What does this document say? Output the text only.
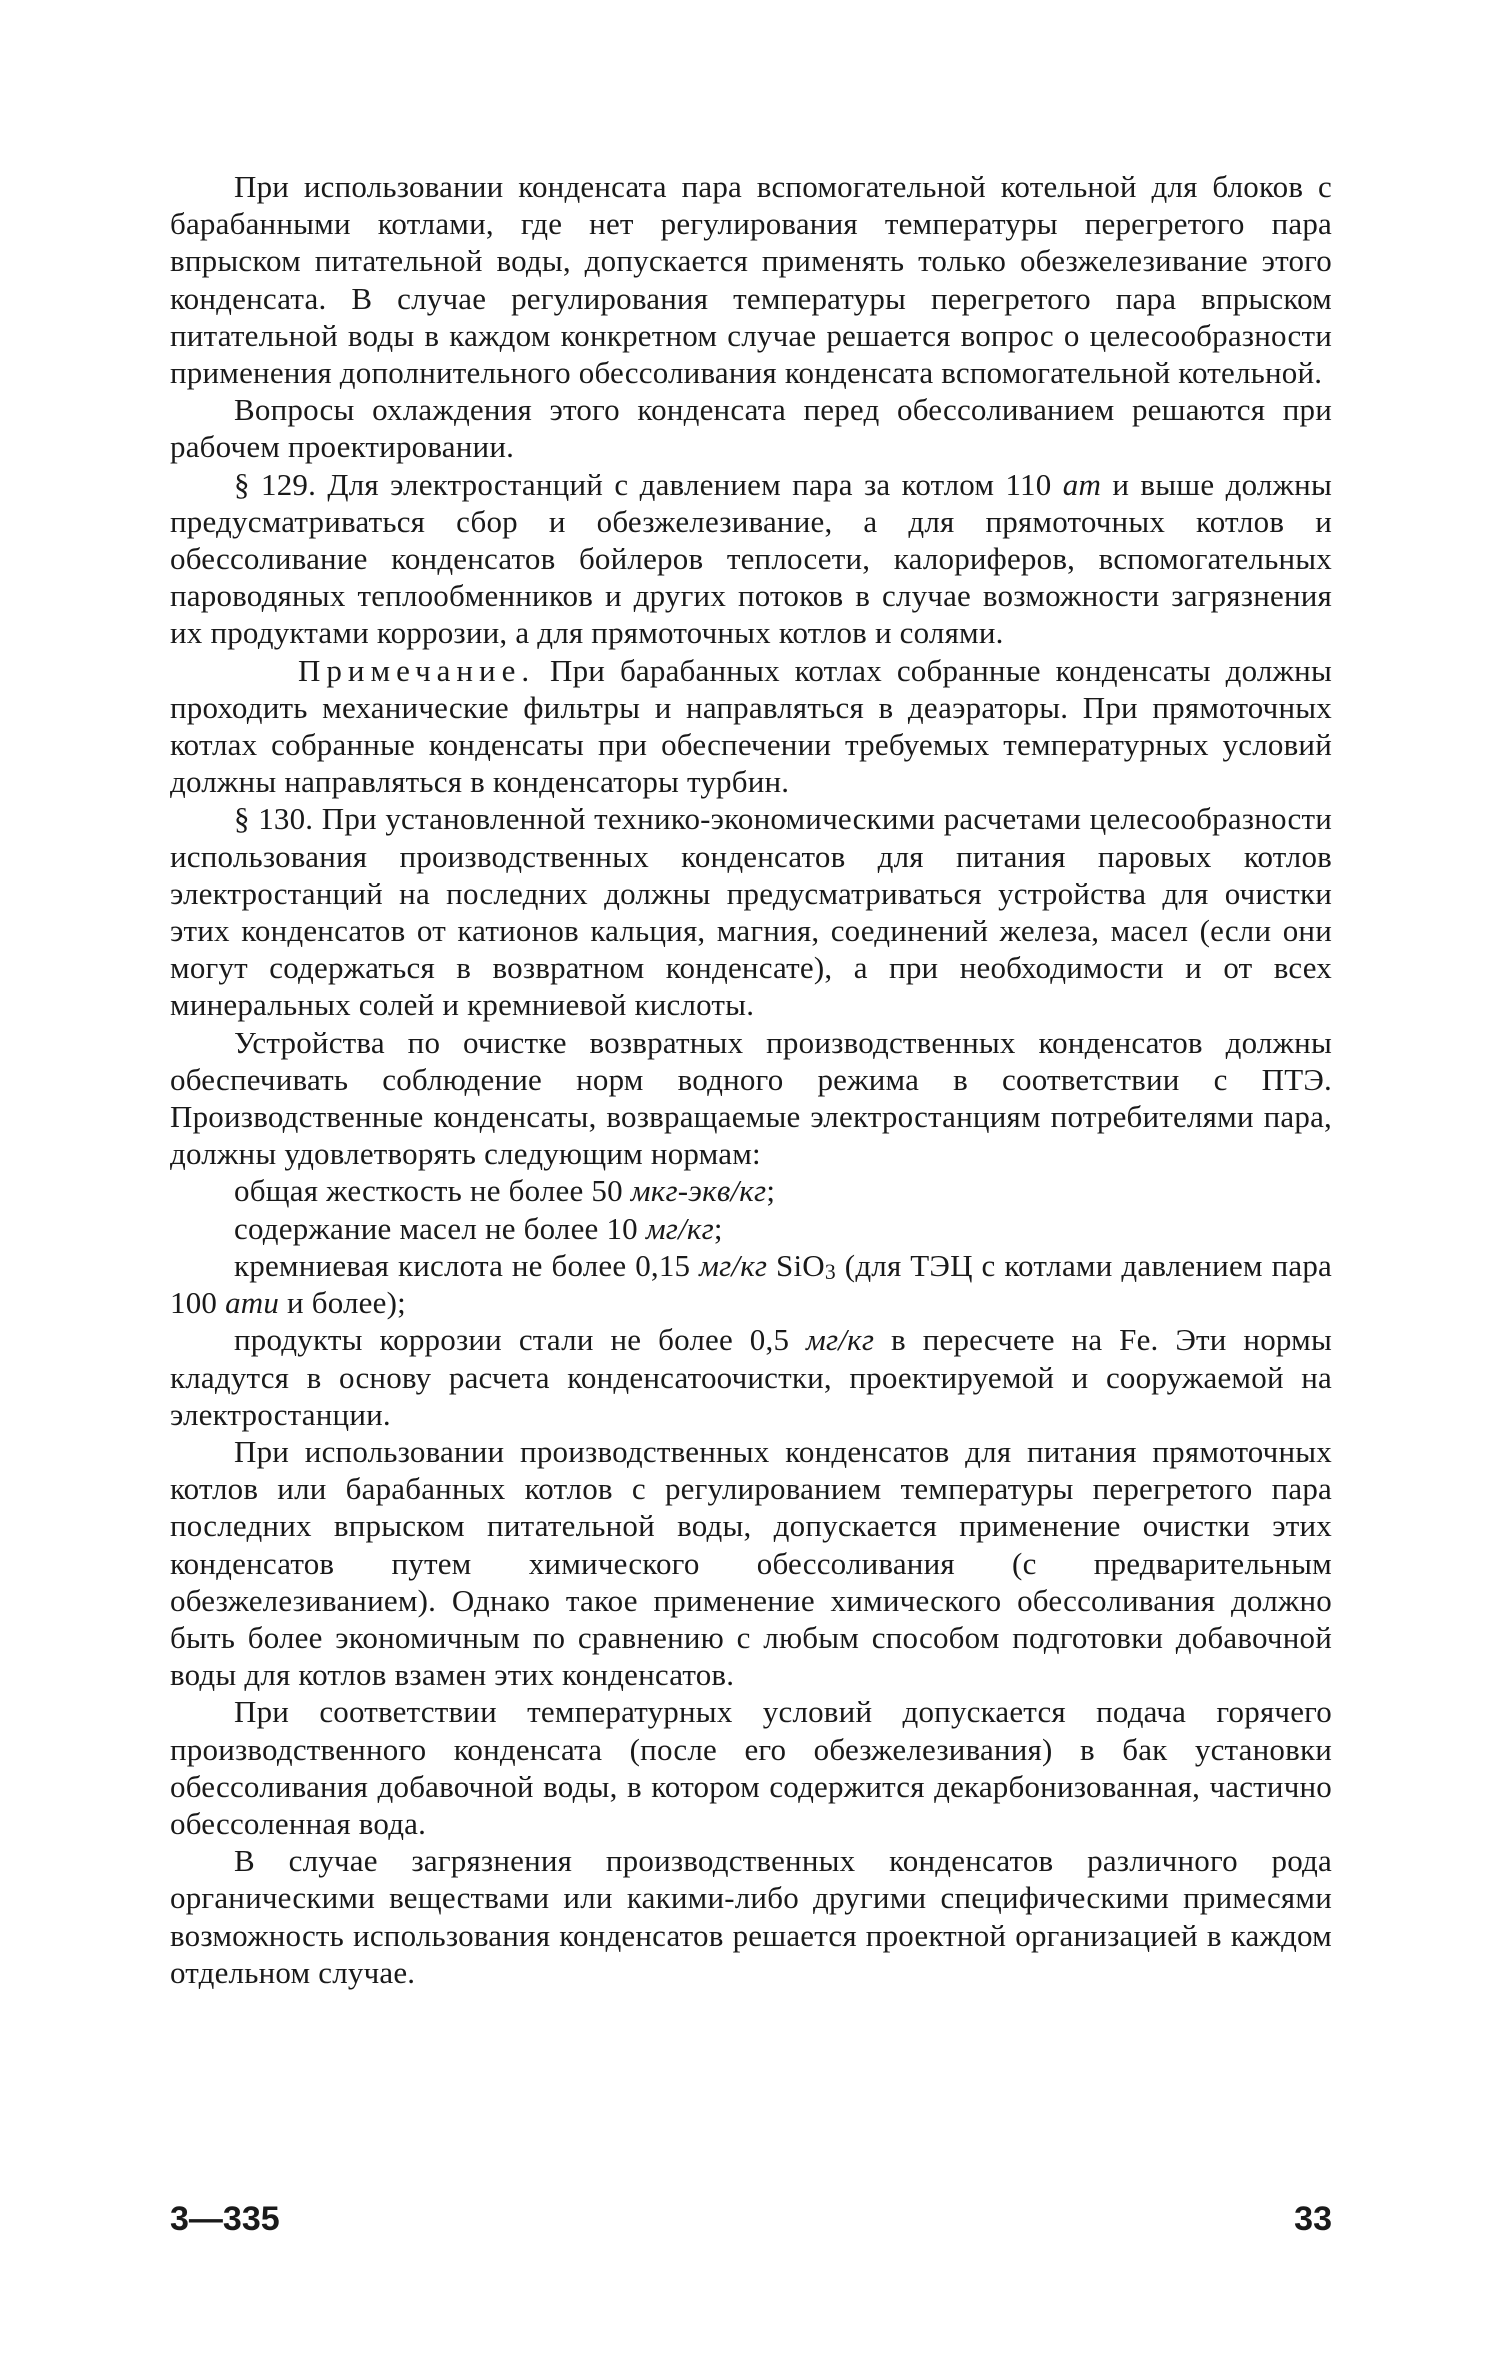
При использовании конденсата пара вспомогательной котельной для блоков с барабанными котлами, где нет регулирования температуры перегретого пара впрыском питательной воды, допускается применять только обезжелезивание этого конденсата. В случае регулирования температуры перегретого пара впрыском питательной воды в каждом конкретном случае решается вопрос о целесообразности применения дополнительного обессоливания конденсата вспомогательной котельной.

Вопросы охлаждения этого конденсата перед обессоливанием решаются при рабочем проектировании.

§ 129. Для электростанций с давлением пара за котлом 110 ат и выше должны предусматриваться сбор и обезжелезивание, а для прямоточных котлов и обессоливание конденсатов бойлеров теплосети, калориферов, вспомогательных пароводяных теплообменников и других потоков в случае возможности загрязнения их продуктами коррозии, а для прямоточных котлов и солями.

Примечание. При барабанных котлах собранные конденсаты должны проходить механические фильтры и направляться в деаэраторы. При прямоточных котлах собранные конденсаты при обеспечении требуемых температурных условий должны направляться в конденсаторы турбин.

§ 130. При установленной технико-экономическими расчетами целесообразности использования производственных конденсатов для питания паровых котлов электростанций на последних должны предусматриваться устройства для очистки этих конденсатов от катионов кальция, магния, соединений железа, масел (если они могут содержаться в возвратном конденсате), а при необходимости и от всех минеральных солей и кремниевой кислоты.

Устройства по очистке возвратных производственных конденсатов должны обеспечивать соблюдение норм водного режима в соответствии с ПТЭ. Производственные конденсаты, возвращаемые электростанциям потребителями пара, должны удовлетворять следующим нормам:

общая жесткость не более 50 мкг-экв/кг;

содержание масел не более 10 мг/кг;

кремниевая кислота не более 0,15 мг/кг SiO$_3$ (для ТЭЦ с котлами давлением пара 100 ати и более);

продукты коррозии стали не более 0,5 мг/кг в пересчете на Fe. Эти нормы кладутся в основу расчета конденсатоочистки, проектируемой и сооружаемой на электростанции.

При использовании производственных конденсатов для питания прямоточных котлов или барабанных котлов с регулированием температуры перегретого пара последних впрыском питательной воды, допускается применение очистки этих конденсатов путем химического обессоливания (с предварительным обезжелезиванием). Однако такое применение химического обессоливания должно быть более экономичным по сравнению с любым способом подготовки добавочной воды для котлов взамен этих конденсатов.

При соответствии температурных условий допускается подача горячего производственного конденсата (после его обезжелезивания) в бак установки обессоливания добавочной воды, в котором содержится декарбонизованная, частично обессоленная вода.

В случае загрязнения производственных конденсатов различного рода органическими веществами или какими-либо другими специфическими примесями возможность использования конденсатов решается проектной организацией в каждом отдельном случае.

3—335	33
